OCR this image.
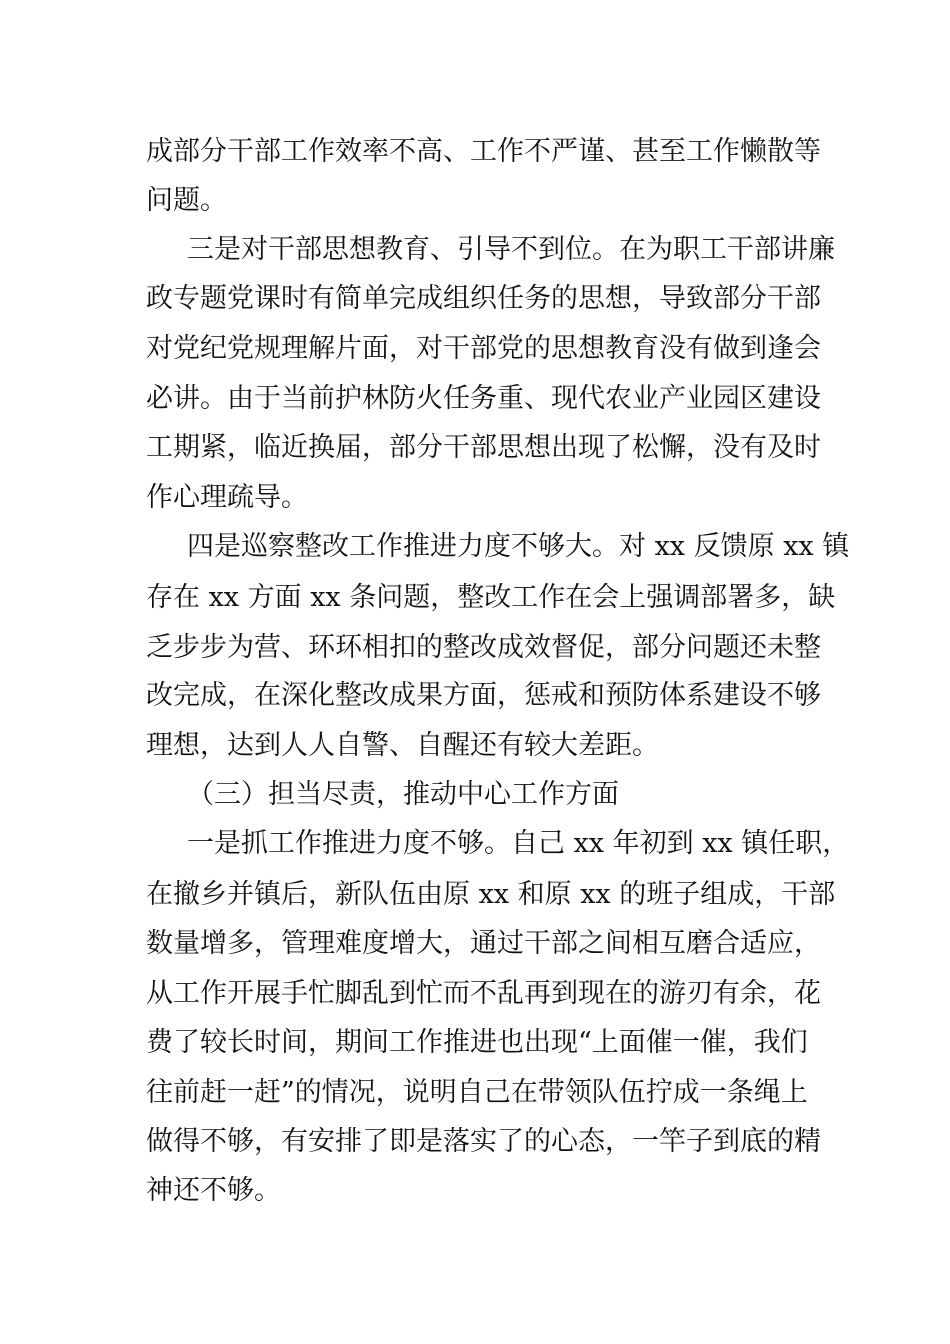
成部分干部工作效率不高、工作不严谨、甚至工作懒散等
问题。
三是对干部思想教育、引导不到位。在为职工干部讲廉
政专题党课时有简单完成组织任务的思想，导致部分干部
对党纪党规理解片面，对干部党的思想教育没有做到逢会
必讲。由于当前护林防火任务重、现代农业产业园区建设
工期紧，临近换届，部分干部思想出现了松懈，没有及时
作心理疏导。
四是巡察整改工作推进力度不够大。对 xx 反馈原 xx 镇
存在 xx 方面 xx 条问题，整改工作在会上强调部署多，缺
乏步步为营、环环相扣的整改成效督促，部分问题还未整
改完成，在深化整改成果方面，惩戒和预防体系建设不够
理想，达到人人自警、自醒还有较大差距。
（三）担当尽责，推动中心工作方面
一是抓工作推进力度不够。自己 xx 年初到 xx 镇任职，
在撤乡并镇后，新队伍由原 xx 和原 xx 的班子组成，干部
数量增多，管理难度增大，通过干部之间相互磨合适应，
从工作开展手忙脚乱到忙而不乱再到现在的游刃有余，花
费了较长时间，期间工作推进也出现“上面催一催，我们
往前赶一赶”的情况，说明自己在带领队伍拧成一条绳上
做得不够，有安排了即是落实了的心态，一竿子到底的精
神还不够。
